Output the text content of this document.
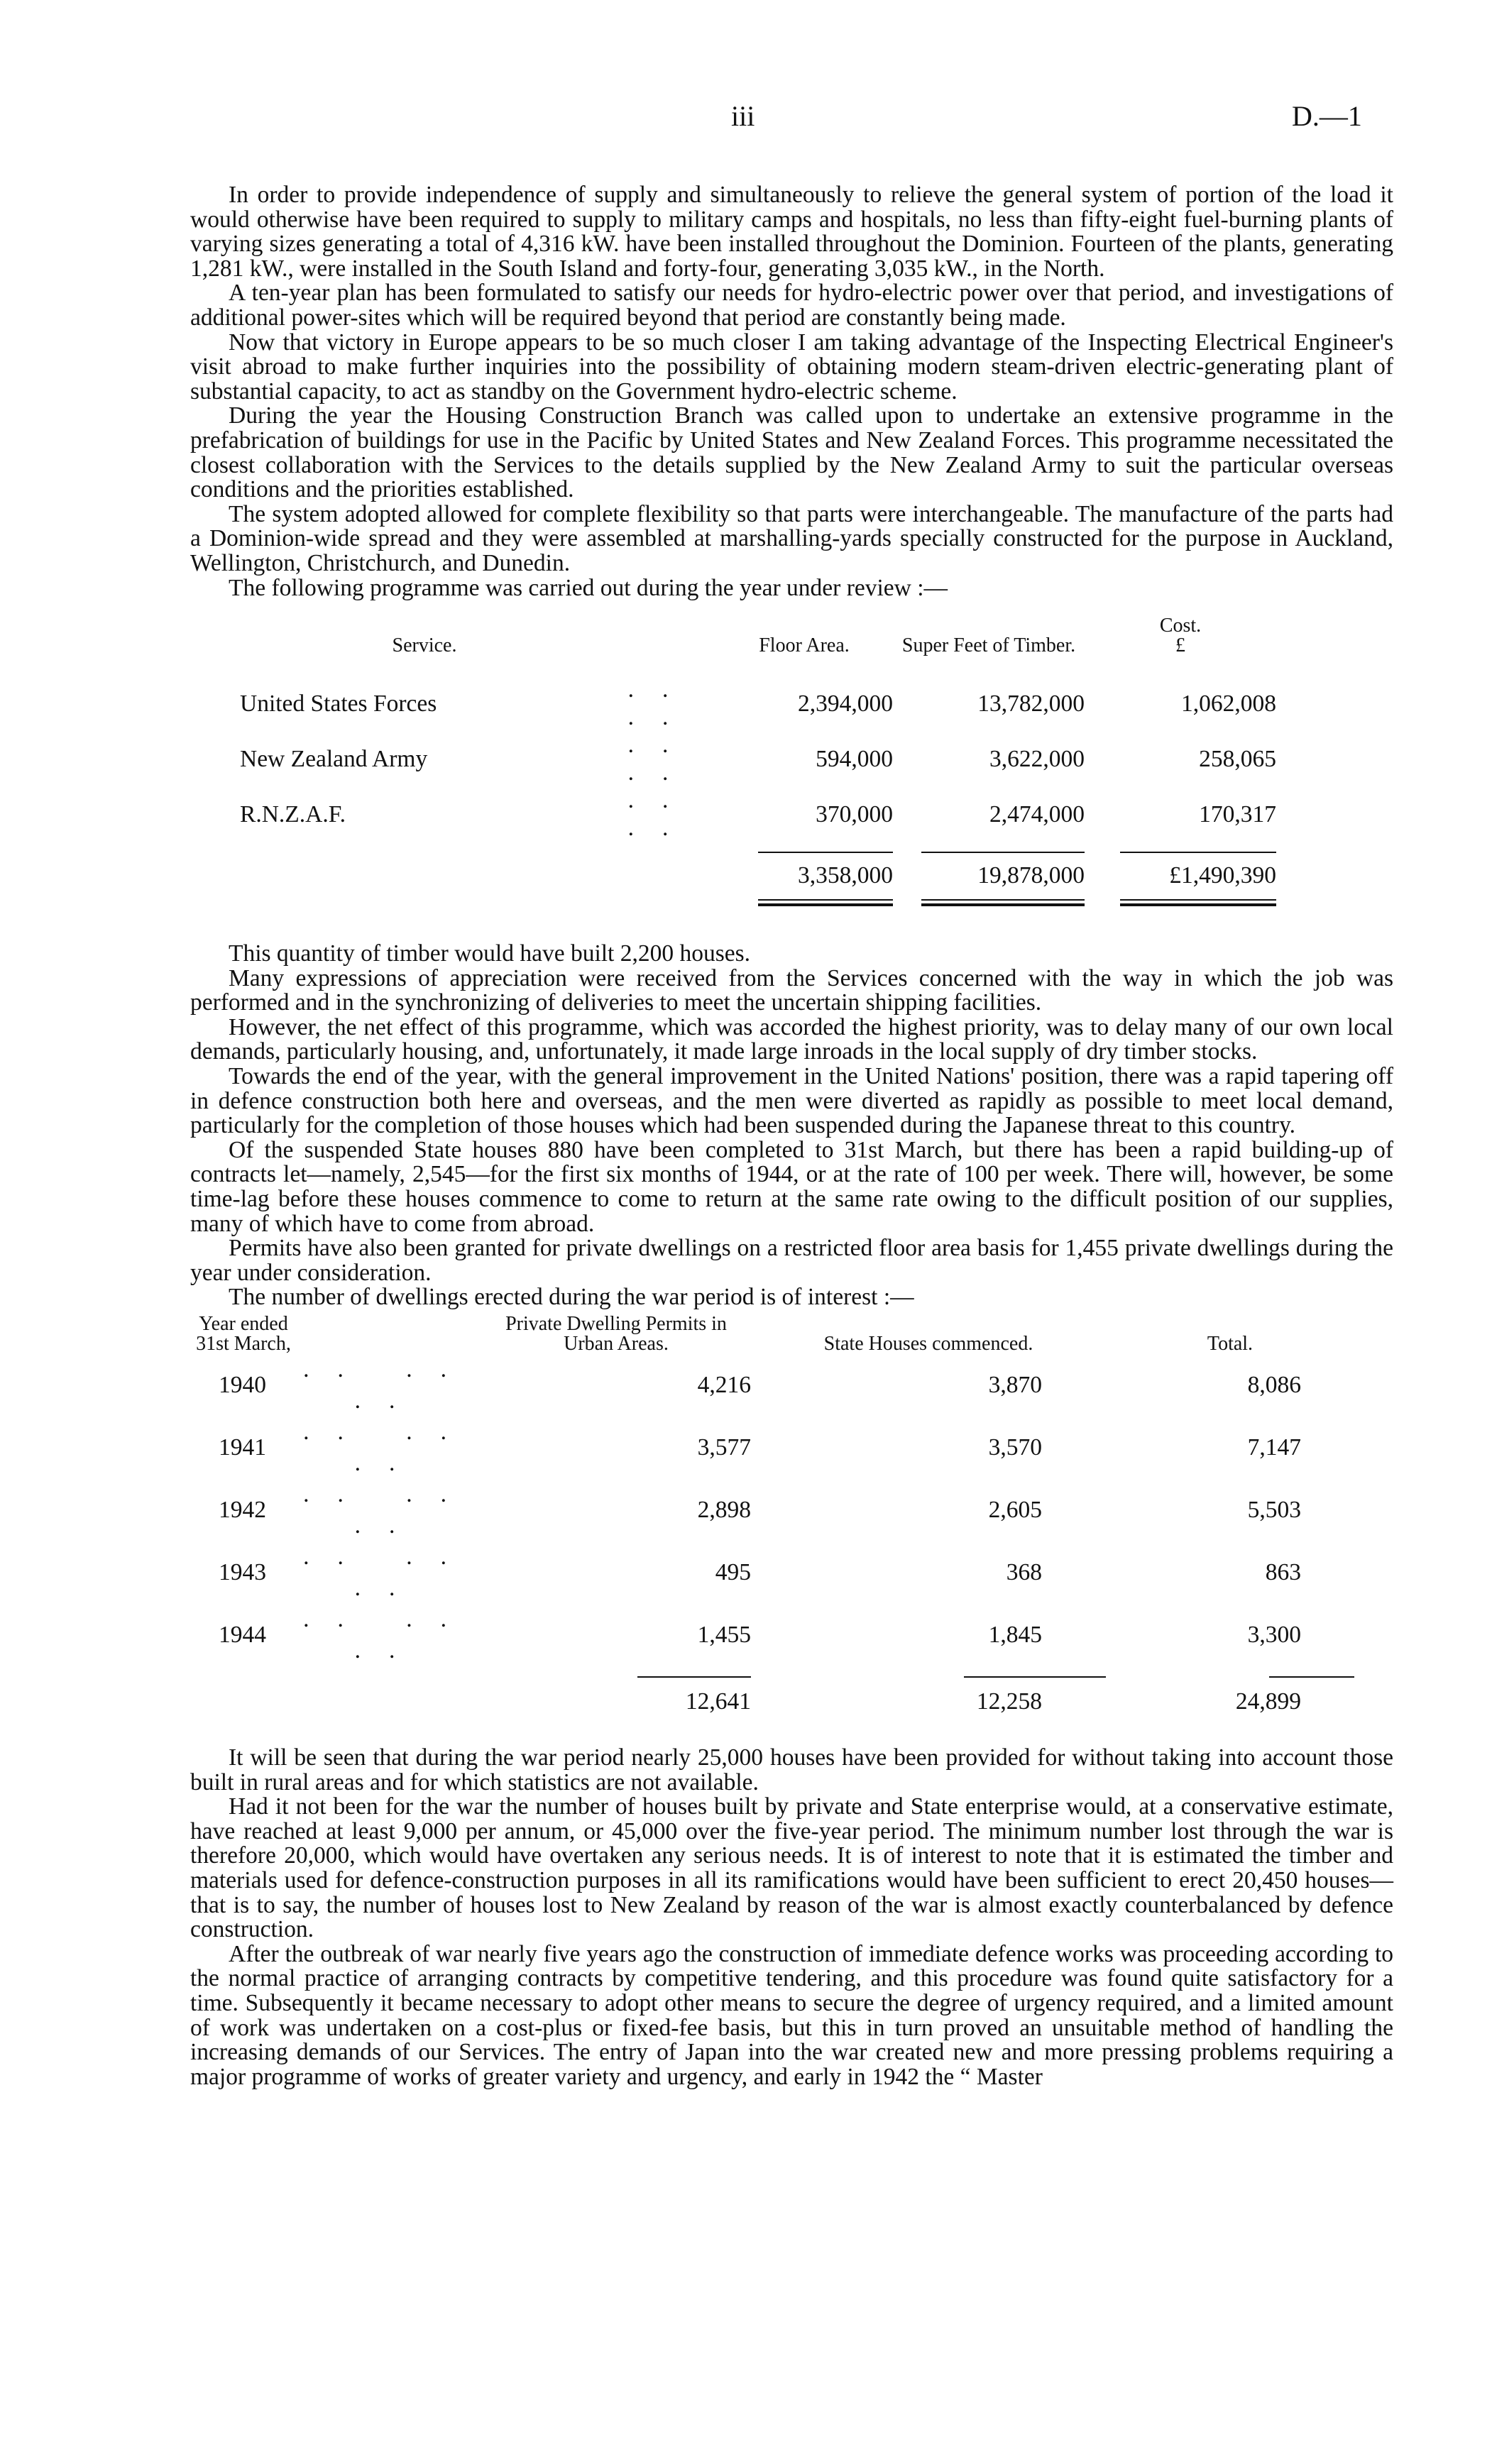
iii	D.—1

In order to provide independence of supply and simultaneously to relieve the general system of portion of the load it would otherwise have been required to supply to military camps and hospitals, no less than fifty-eight fuel-burning plants of varying sizes generating a total of 4,316 kW. have been installed throughout the Dominion. Fourteen of the plants, generating 1,281 kW., were installed in the South Island and forty-four, generating 3,035 kW., in the North.

A ten-year plan has been formulated to satisfy our needs for hydro-electric power over that period, and investigations of additional power-sites which will be required beyond that period are constantly being made.

Now that victory in Europe appears to be so much closer I am taking advantage of the Inspecting Electrical Engineer's visit abroad to make further inquiries into the possibility of obtaining modern steam-driven electric-generating plant of substantial capacity, to act as standby on the Government hydro-electric scheme.

During the year the Housing Construction Branch was called upon to undertake an extensive programme in the prefabrication of buildings for use in the Pacific by United States and New Zealand Forces. This programme necessitated the closest collaboration with the Services to the details supplied by the New Zealand Army to suit the particular overseas conditions and the priorities established.

The system adopted allowed for complete flexibility so that parts were interchangeable. The manufacture of the parts had a Dominion-wide spread and they were assembled at marshalling-yards specially constructed for the purpose in Auckland, Wellington, Christchurch, and Dunedin.

The following programme was carried out during the year under review :—

Service.		Floor Area.	Super Feet of Timber.	Cost.
£
United States Forces	.. ..	2,394,000	13,782,000	1,062,008
New Zealand Army	.. ..	594,000	3,622,000	258,065
R.N.Z.A.F.	.. ..	370,000	2,474,000	170,317

		3,358,000	19,878,000	£1,490,390

This quantity of timber would have built 2,200 houses.

Many expressions of appreciation were received from the Services concerned with the way in which the job was performed and in the synchronizing of deliveries to meet the uncertain shipping facilities.

However, the net effect of this programme, which was accorded the highest priority, was to delay many of our own local demands, particularly housing, and, unfortunately, it made large inroads in the local supply of dry timber stocks.

Towards the end of the year, with the general improvement in the United Nations' position, there was a rapid tapering off in defence construction both here and overseas, and the men were diverted as rapidly as possible to meet local demand, particularly for the completion of those houses which had been suspended during the Japanese threat to this country.

Of the suspended State houses 880 have been completed to 31st March, but there has been a rapid building-up of contracts let—namely, 2,545—for the first six months of 1944, or at the rate of 100 per week. There will, however, be some time-lag before these houses commence to come to return at the same rate owing to the difficult position of our supplies, many of which have to come from abroad.

Permits have also been granted for private dwellings on a restricted floor area basis for 1,455 private dwellings during the year under consideration.

The number of dwellings erected during the war period is of interest :—

Year ended 31st March,		Private Dwelling Permits in Urban Areas.	State Houses commenced.	Total.
1940	.. .. ..	4,216	3,870	8,086
1941	.. .. ..	3,577	3,570	7,147
1942	.. .. ..	2,898	2,605	5,503
1943	.. .. ..	495	368	863
1944	.. .. ..	1,455	1,845	3,300

		12,641	12,258	24,899

It will be seen that during the war period nearly 25,000 houses have been provided for without taking into account those built in rural areas and for which statistics are not available.

Had it not been for the war the number of houses built by private and State enterprise would, at a conservative estimate, have reached at least 9,000 per annum, or 45,000 over the five-year period. The minimum number lost through the war is therefore 20,000, which would have overtaken any serious needs. It is of interest to note that it is estimated the timber and materials used for defence-construction purposes in all its ramifications would have been sufficient to erect 20,450 houses—that is to say, the number of houses lost to New Zealand by reason of the war is almost exactly counterbalanced by defence construction.

After the outbreak of war nearly five years ago the construction of immediate defence works was proceeding according to the normal practice of arranging contracts by competitive tendering, and this procedure was found quite satisfactory for a time. Subsequently it became necessary to adopt other means to secure the degree of urgency required, and a limited amount of work was undertaken on a cost-plus or fixed-fee basis, but this in turn proved an unsuitable method of handling the increasing demands of our Services. The entry of Japan into the war created new and more pressing problems requiring a major programme of works of greater variety and urgency, and early in 1942 the “ Master
